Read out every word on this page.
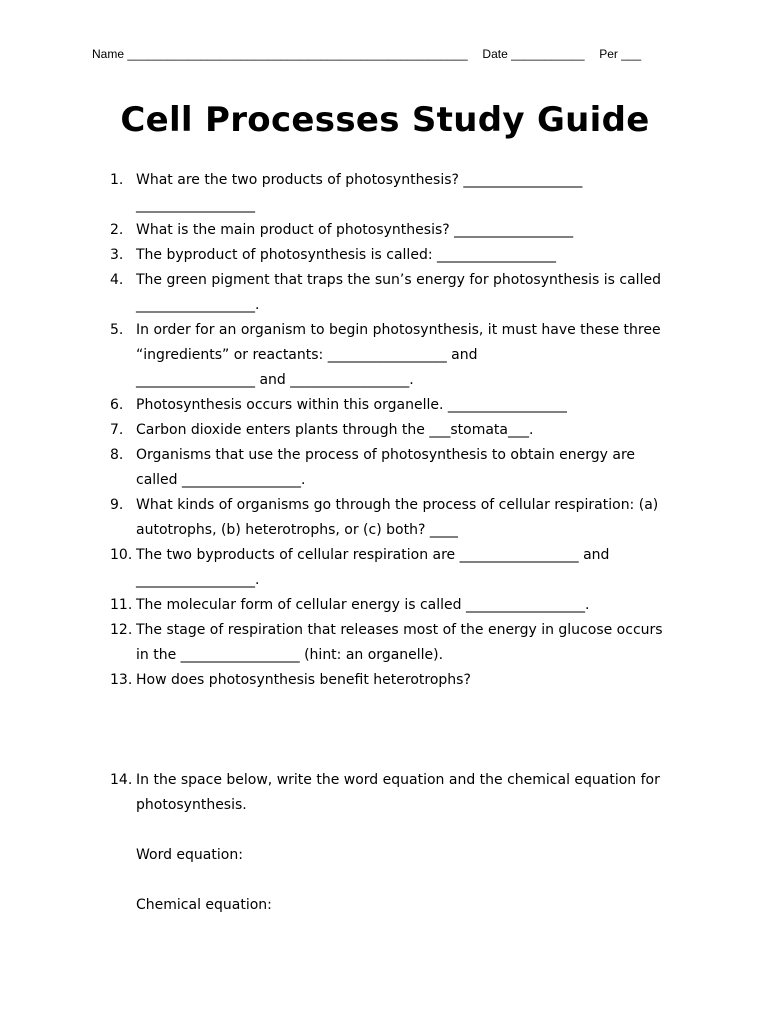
Name ___________________________________________________ Date ___________ Per ___
Cell Processes Study Guide
1. What are the two products of photosynthesis? _________________
_________________
2. What is the main product of photosynthesis? _________________
3. The byproduct of photosynthesis is called: _________________
4. The green pigment that traps the sun’s energy for photosynthesis is called
_________________.
5. In order for an organism to begin photosynthesis, it must have these three
“ingredients” or reactants: _________________ and
_________________ and _________________.
6. Photosynthesis occurs within this organelle. _________________
7. Carbon dioxide enters plants through the ___stomata___.
8. Organisms that use the process of photosynthesis to obtain energy are
called _________________.
9. What kinds of organisms go through the process of cellular respiration: (a)
autotrophs, (b) heterotrophs, or (c) both? ____
10. The two byproducts of cellular respiration are _________________ and
_________________.
11. The molecular form of cellular energy is called _________________.
12. The stage of respiration that releases most of the energy in glucose occurs
in the _________________ (hint: an organelle).
13. How does photosynthesis benefit heterotrophs?
14. In the space below, write the word equation and the chemical equation for
photosynthesis.
Word equation:
Chemical equation:
